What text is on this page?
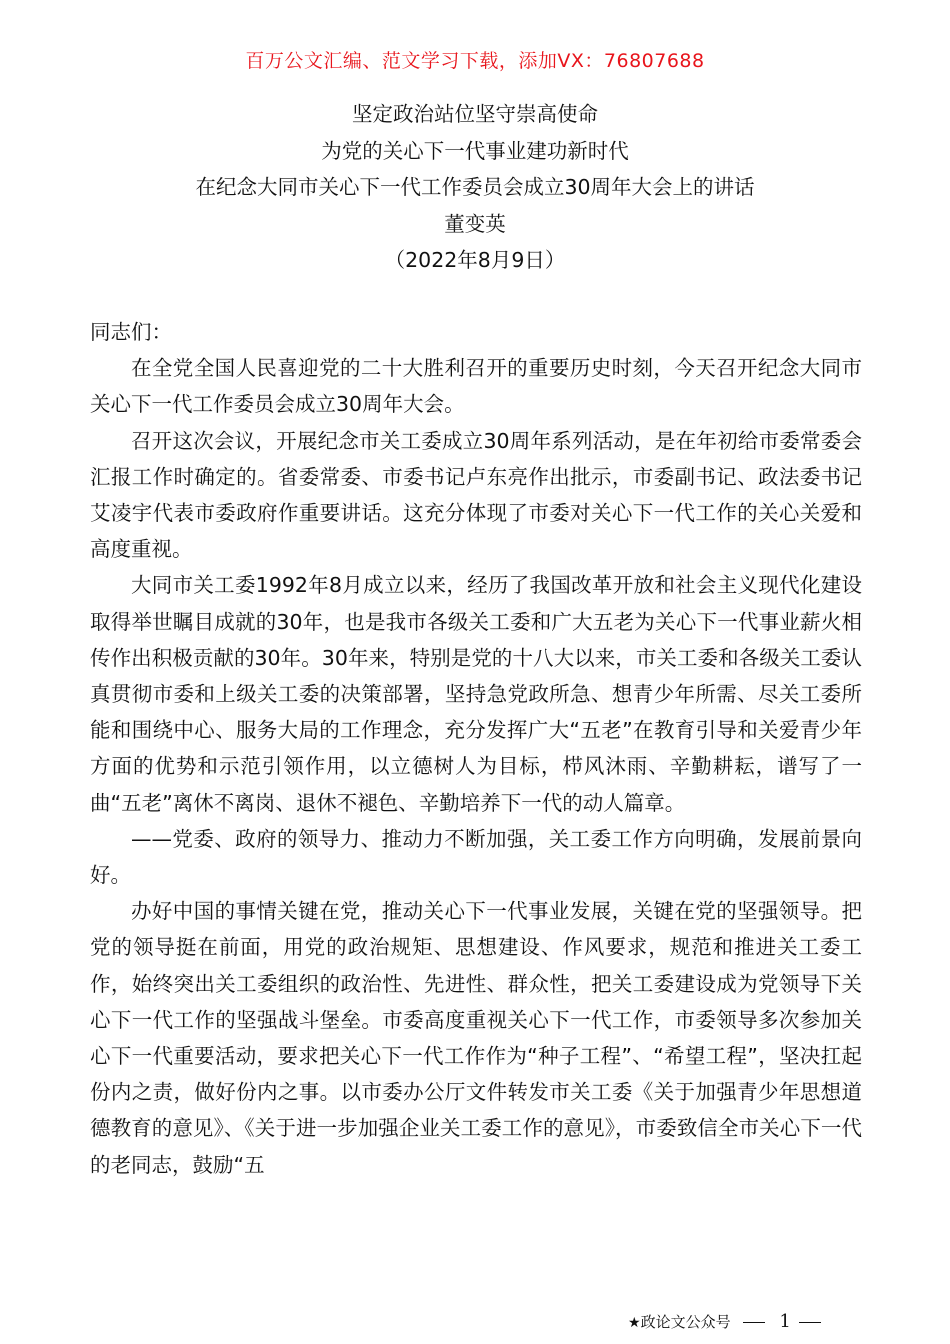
百万公文汇编、范文学习下载，添加VX：76807688
坚定政治站位坚守崇高使命
为党的关心下一代事业建功新时代
在纪念大同市关心下一代工作委员会成立30周年大会上的讲话
董变英
（2022年8月9日）

同志们：

在全党全国人民喜迎党的二十大胜利召开的重要历史时刻，今天召开纪念大同市关心下一代工作委员会成立30周年大会。

召开这次会议，开展纪念市关工委成立30周年系列活动，是在年初给市委常委会汇报工作时确定的。省委常委、市委书记卢东亮作出批示，市委副书记、政法委书记艾凌宇代表市委政府作重要讲话。这充分体现了市委对关心下一代工作的关心关爱和高度重视。

大同市关工委1992年8月成立以来，经历了我国改革开放和社会主义现代化建设取得举世瞩目成就的30年，也是我市各级关工委和广大五老为关心下一代事业薪火相传作出积极贡献的30年。30年来，特别是党的十八大以来，市关工委和各级关工委认真贯彻市委和上级关工委的决策部署，坚持急党政所急、想青少年所需、尽关工委所能和围绕中心、服务大局的工作理念，充分发挥广大“五老”在教育引导和关爱青少年方面的优势和示范引领作用，以立德树人为目标，栉风沐雨、辛勤耕耘，谱写了一曲“五老”离休不离岗、退休不褪色、辛勤培养下一代的动人篇章。

——党委、政府的领导力、推动力不断加强，关工委工作方向明确，发展前景向好。

办好中国的事情关键在党，推动关心下一代事业发展，关键在党的坚强领导。把党的领导挺在前面，用党的政治规矩、思想建设、作风要求，规范和推进关工委工作，始终突出关工委组织的政治性、先进性、群众性，把关工委建设成为党领导下关心下一代工作的坚强战斗堡垒。市委高度重视关心下一代工作，市委领导多次参加关心下一代重要活动，要求把关心下一代工作作为“种子工程”、“希望工程”，坚决扛起份内之责，做好份内之事。以市委办公厅文件转发市关工委《关于加强青少年思想道德教育的意见》、《关于进一步加强企业关工委工作的意见》，市委致信全市关心下一代的老同志，鼓励“五

★政论文公众号	1
